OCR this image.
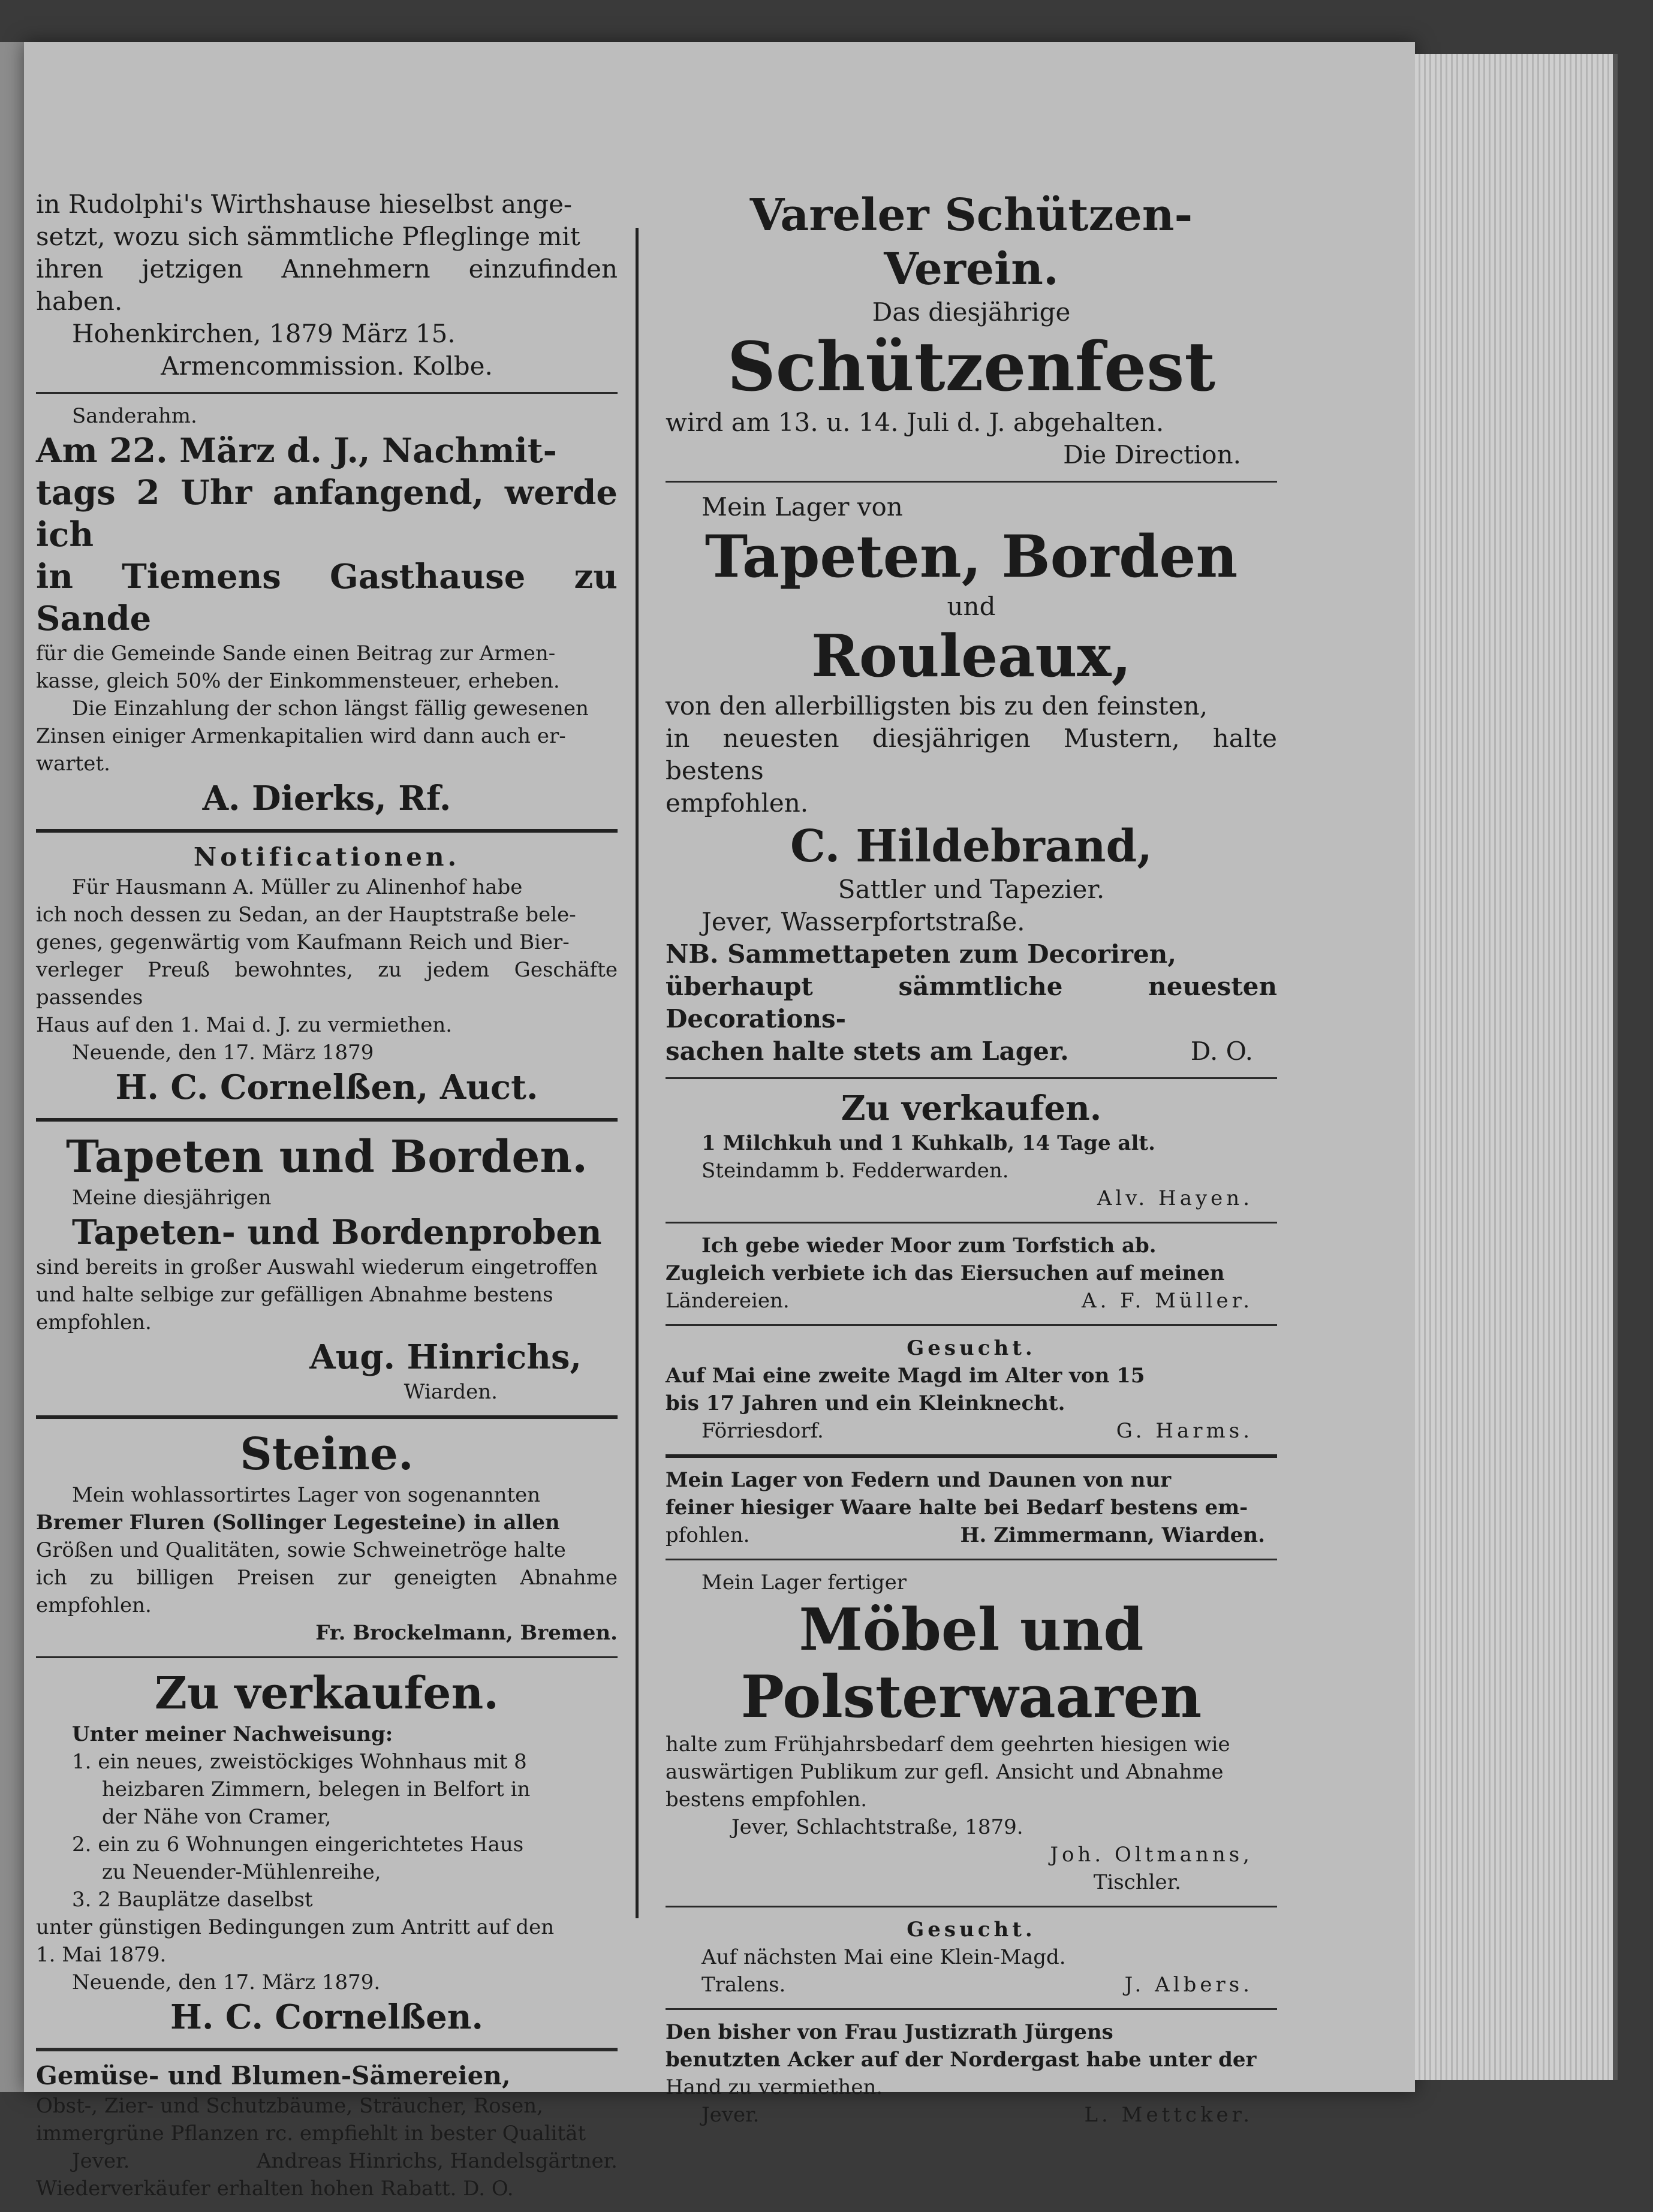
in Rudolphi's Wirthshause hieselbst ange-

setzt, wozu sich sämmtliche Pfleglinge mit

ihren jetzigen Annehmern einzufinden haben.

Hohenkirchen, 1879 März 15.

Armencommission. Kolbe.

Sanderahm.

Am 22. März d. J., Nachmit-

tags 2 Uhr anfangend, werde ich

in Tiemens Gasthause zu Sande

für die Gemeinde Sande einen Beitrag zur Armen-

kasse, gleich 50% der Einkommensteuer, erheben.

Die Einzahlung der schon längst fällig gewesenen

Zinsen einiger Armenkapitalien wird dann auch er-

wartet.

A. Dierks, Rf.

Notificationen.

Für Hausmann A. Müller zu Alinenhof habe

ich noch dessen zu Sedan, an der Hauptstraße bele-

genes, gegenwärtig vom Kaufmann Reich und Bier-

verleger Preuß bewohntes, zu jedem Geschäfte passendes

Haus auf den 1. Mai d. J. zu vermiethen.

Neuende, den 17. März 1879

H. C. Cornelßen, Auct.

Tapeten und Borden.

Meine diesjährigen

Tapeten- und Bordenproben

sind bereits in großer Auswahl wiederum eingetroffen

und halte selbige zur gefälligen Abnahme bestens

empfohlen.

Aug. Hinrichs,

Wiarden.

Steine.

Mein wohlassortirtes Lager von sogenannten

Bremer Fluren (Sollinger Legesteine) in allen

Größen und Qualitäten, sowie Schweinetröge halte

ich zu billigen Preisen zur geneigten Abnahme empfohlen.

Fr. Brockelmann, Bremen.

Zu verkaufen.

Unter meiner Nachweisung:

1. ein neues, zweistöckiges Wohnhaus mit 8

heizbaren Zimmern, belegen in Belfort in

der Nähe von Cramer,

2. ein zu 6 Wohnungen eingerichtetes Haus

zu Neuender-Mühlenreihe,

3. 2 Bauplätze daselbst

unter günstigen Bedingungen zum Antritt auf den

1. Mai 1879.

Neuende, den 17. März 1879.

H. C. Cornelßen.

Gemüse- und Blumen-Sämereien,

Obst-, Zier- und Schutzbäume, Sträucher, Rosen,

immergrüne Pflanzen rc. empfiehlt in bester Qualität

Jever.	Andreas Hinrichs, Handelsgärtner.

Wiederverkäufer erhalten hohen Rabatt. D. O.

Vareler Schützen-Verein.

Das diesjährige

Schützenfest

wird am 13. u. 14. Juli d. J. abgehalten.

Die Direction.

Mein Lager von

Tapeten, Borden

und

Rouleaux,

von den allerbilligsten bis zu den feinsten,

in neuesten diesjährigen Mustern, halte bestens

empfohlen.

C. Hildebrand,

Sattler und Tapezier.

Jever, Wasserpfortstraße.

NB. Sammettapeten zum Decoriren,

überhaupt sämmtliche neuesten Decorations-

sachen halte stets am Lager.	D. O.

Zu verkaufen.

1 Milchkuh und 1 Kuhkalb, 14 Tage alt.

Steindamm b. Fedderwarden.

Alv. Hayen.

Ich gebe wieder Moor zum Torfstich ab.

Zugleich verbiete ich das Eiersuchen auf meinen

Ländereien.	A. F. Müller.

Gesucht.

Auf Mai eine zweite Magd im Alter von 15

bis 17 Jahren und ein Kleinknecht.

Förriesdorf.	G. Harms.

Mein Lager von Federn und Daunen von nur

feiner hiesiger Waare halte bei Bedarf bestens em-

pfohlen.	H. Zimmermann, Wiarden.

Mein Lager fertiger

Möbel und

Polsterwaaren

halte zum Frühjahrsbedarf dem geehrten hiesigen wie

auswärtigen Publikum zur gefl. Ansicht und Abnahme

bestens empfohlen.

Jever, Schlachtstraße, 1879.

Joh. Oltmanns,

Tischler.

Gesucht.

Auf nächsten Mai eine Klein-Magd.

Tralens.	J. Albers.

Den bisher von Frau Justizrath Jürgens

benutzten Acker auf der Nordergast habe unter der

Hand zu vermiethen.

Jever.	L. Mettcker.
